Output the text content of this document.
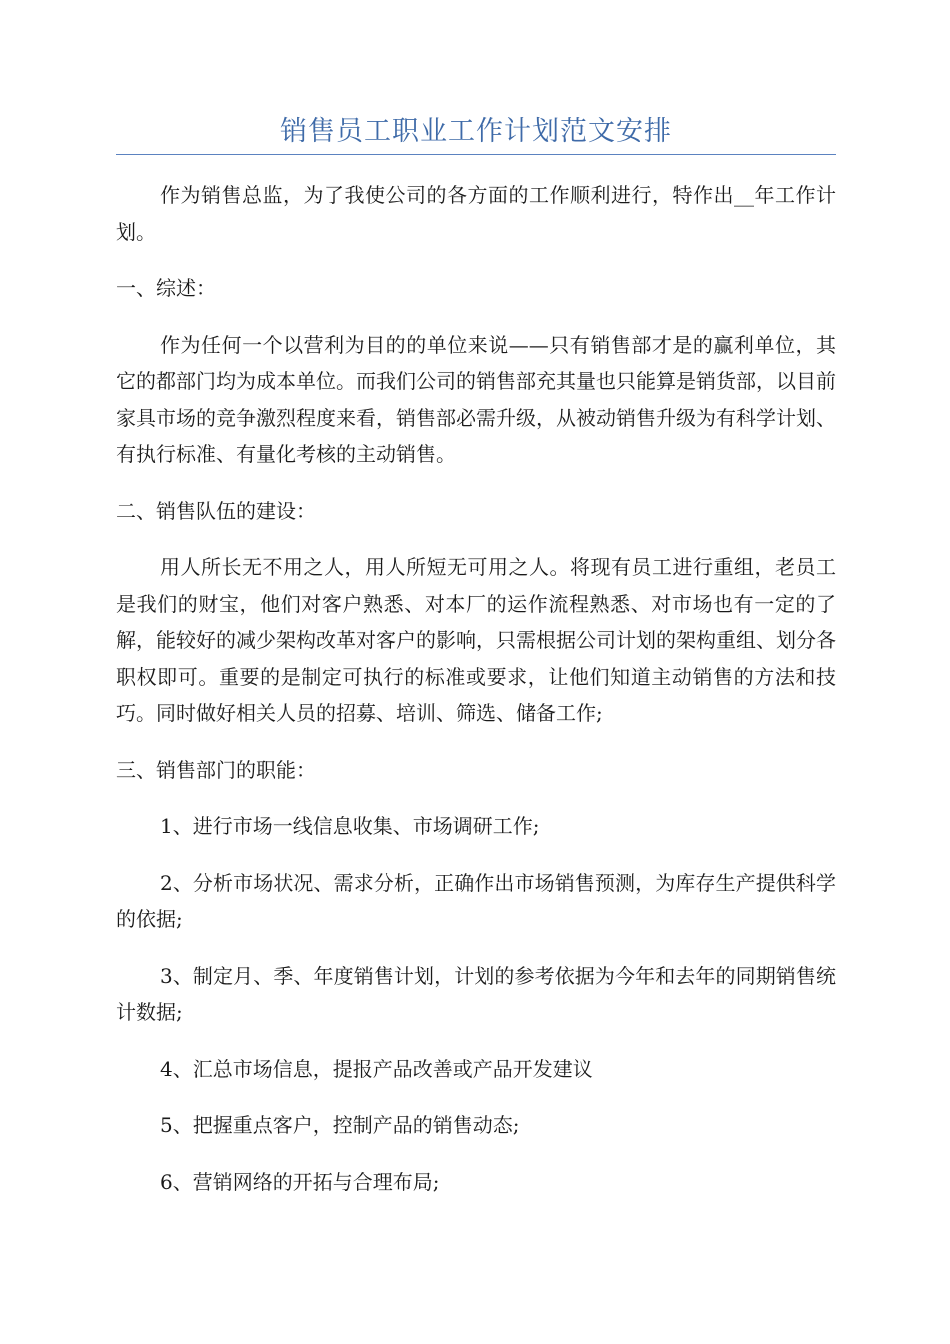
销售员工职业工作计划范文安排

作为销售总监，为了我使公司的各方面的工作顺利进行，特作出__年工作计划。

一、综述：

作为任何一个以营利为目的的单位来说——只有销售部才是的赢利单位，其它的都部门均为成本单位。而我们公司的销售部充其量也只能算是销货部，以目前家具市场的竞争激烈程度来看，销售部必需升级，从被动销售升级为有科学计划、有执行标准、有量化考核的主动销售。

二、销售队伍的建设：

用人所长无不用之人，用人所短无可用之人。将现有员工进行重组，老员工是我们的财宝，他们对客户熟悉、对本厂的运作流程熟悉、对市场也有一定的了解，能较好的减少架构改革对客户的影响，只需根据公司计划的架构重组、划分各职权即可。重要的是制定可执行的标准或要求，让他们知道主动销售的方法和技巧。同时做好相关人员的招募、培训、筛选、储备工作;

三、销售部门的职能：

1、进行市场一线信息收集、市场调研工作;

2、分析市场状况、需求分析，正确作出市场销售预测，为库存生产提供科学的依据;

3、制定月、季、年度销售计划，计划的参考依据为今年和去年的同期销售统计数据;

4、汇总市场信息，提报产品改善或产品开发建议

5、把握重点客户，控制产品的销售动态;

6、营销网络的开拓与合理布局;
